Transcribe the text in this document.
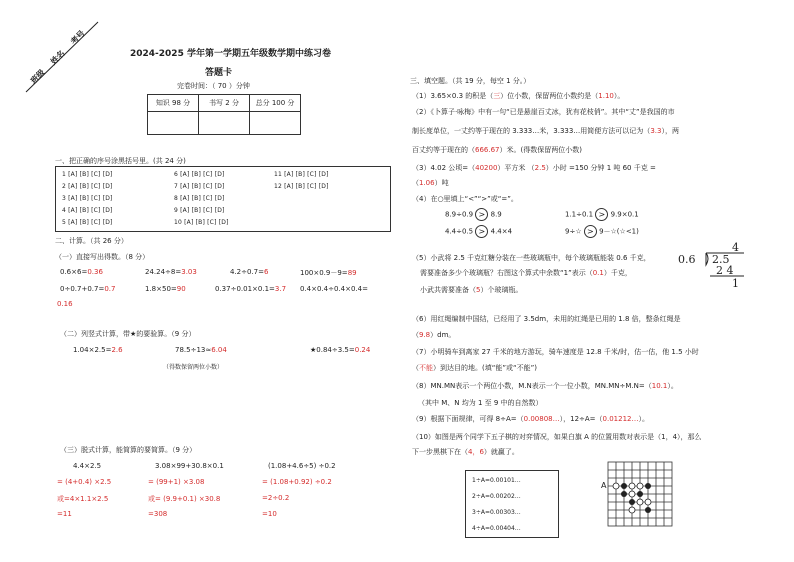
班级
姓名
考号
2024-2025 学年第一学期五年级数学期中练习卷
答题卡
完卷时间：（ 70 ）分钟
知识 98 分	书写 2 分	总分 100 分

一、把正确的序号涂黑括号里。(共 24 分)
1 [A] [B] [C] [D]	6 [A] [B] [C] [D]	11 [A] [B] [C] [D]
2 [A] [B] [C] [D]	7 [A] [B] [C] [D]	12 [A] [B] [C] [D]
3 [A] [B] [C] [D]	8 [A] [B] [C] [D]
4 [A] [B] [C] [D]	9 [A] [B] [C] [D]
5 [A] [B] [C] [D]	10 [A] [B] [C] [D]
二、计算。（共 26 分）
（一）直接写出得数。（8 分）
0.6×6=0.36	24.24÷8=3.03	4.2÷0.7=6	100×0.9－9=89
0÷0.7+0.7=0.7	1.8×50=90	0.37÷0.01×0.1=3.7 0.4×0.4÷0.4×0.4=
0.16
（二）列竖式计算，带★的要验算。（9 分）
1.04×2.5=2.6	78.5÷13≈6.04	★0.84÷3.5=0.24
（得数保留两位小数）
（三）脱式计算，能简算的要简算。（9 分）
4.4×2.5	3.08×99+30.8×0.1	(1.08+4.6÷5) ÷0.2
= (4+0.4) ×2.5
或=4×1.1×2.5
=11
= (99+1) ×3.08
或= (9.9+0.1) ×30.8
=308
= (1.08+0.92) ÷0.2
=2÷0.2
=10
三、填空题。（共 19 分，每空 1 分。）
（1）3.65×0.3 的积是（三）位小数，保留两位小数约是（1.10）。
（2）《卜算子·咏梅》中有一句“已是悬崖百丈冰，犹有花枝俏”。其中“丈”是我国的市
制长度单位，一丈约等于现在的 3.333…米，3.333…用简便方法可以记为（3.3），两
百丈约等于现在的（666.67）米。(得数保留两位小数)
（3）4.02 公顷=（40200）平方米 （2.5）小时 =150 分钟 1 吨 60 千克 =
（1.06）吨
（4）在○里填上“<”“>”或“=”。
8.9÷0.9 > 8.9	1.1÷0.1 > 9.9×0.1
4.4÷0.5 > 4.4×4	9÷☆ > 9－☆(☆<1)
（5）小武将 2.5 千克红糖分装在一些玻璃瓶中，每个玻璃瓶能装 0.6 千克，
需要准备多少个玻璃瓶？右图这个算式中余数“1”表示（0.1）千克，
小武共需要准备（5）个玻璃瓶。
4
0.6 2.5
2 4
1
（6）用红绳编制中国结，已经用了 3.5dm，未用的红绳是已用的 1.8 倍，整条红绳是
（9.8）dm。
（7）小明骑车到离家 27 千米的地方游玩，骑车速度是 12.8 千米/时，估一估，他 1.5 小时
（不能）到达目的地。(填“能”或“不能”)
（8）MN.MN表示一个两位小数，M.N表示一个一位小数，MN.MN÷M.N=（10.1）。
（其中 M、N 均为 1 至 9 中的自然数）
（9）根据下面规律，可得 8÷A=（0.00808…），12÷A=（0.01212…）。
（10）如图是两个同学下五子棋的对弈情况，如果白旗 A 的位置用数对表示是（1，4），那么
下一步黑棋下在（4，6）就赢了。
1÷A=0.00101…
2÷A=0.00202…
3÷A=0.00303…
4÷A=0.00404…
A
